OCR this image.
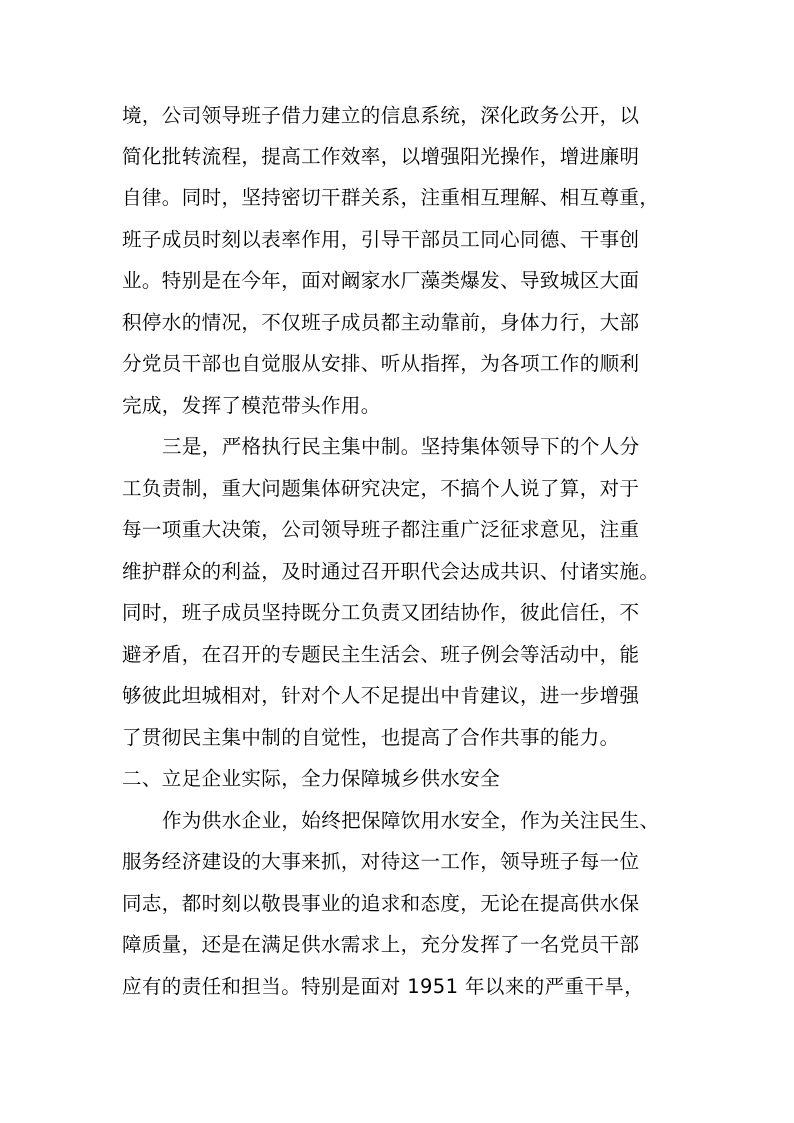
境，公司领导班子借力建立的信息系统，深化政务公开，以
简化批转流程，提高工作效率，以增强阳光操作，增进廉明
自律。同时，坚持密切干群关系，注重相互理解、相互尊重，
班子成员时刻以表率作用，引导干部员工同心同德、干事创
业。特别是在今年，面对阚家水厂藻类爆发、导致城区大面
积停水的情况，不仅班子成员都主动靠前，身体力行，大部
分党员干部也自觉服从安排、听从指挥，为各项工作的顺利
完成，发挥了模范带头作用。
三是，严格执行民主集中制。坚持集体领导下的个人分
工负责制，重大问题集体研究决定，不搞个人说了算，对于
每一项重大决策，公司领导班子都注重广泛征求意见，注重
维护群众的利益，及时通过召开职代会达成共识、付诸实施。
同时，班子成员坚持既分工负责又团结协作，彼此信任，不
避矛盾，在召开的专题民主生活会、班子例会等活动中，能
够彼此坦城相对，针对个人不足提出中肯建议，进一步增强
了贯彻民主集中制的自觉性，也提高了合作共事的能力。
二、立足企业实际，全力保障城乡供水安全
作为供水企业，始终把保障饮用水安全，作为关注民生、
服务经济建设的大事来抓，对待这一工作，领导班子每一位
同志，都时刻以敬畏事业的追求和态度，无论在提高供水保
障质量，还是在满足供水需求上，充分发挥了一名党员干部
应有的责任和担当。特别是面对 1951 年以来的严重干旱，
